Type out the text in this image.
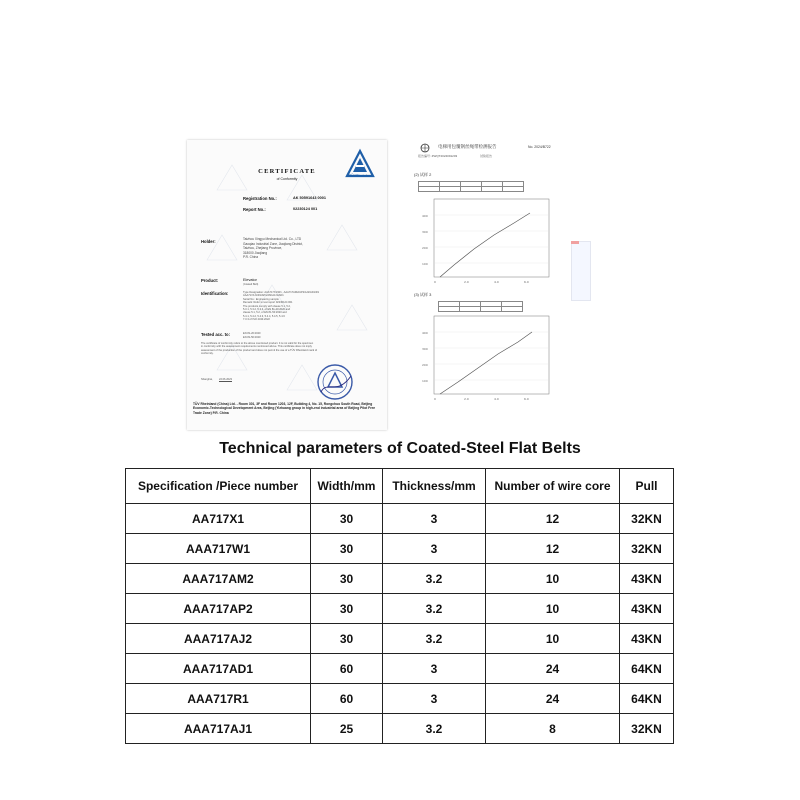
CERTIFICATE
of Conformity
TÜVRheinland
Registration No.:	AK 50591643 0001
Report No.:	02230124 001
Holder:	Taizhou Xingyu Mechanical Ltd. Co., LTD
Gaoqiao Industrial Zone, Jiaojiang District,
Taizhou, Zhejiang Province,
318000 Jiaojiang
P.R. China
Product:	Elevator
(Coated Belt)
Identification:	Type Designation: AAA717X1/W1 , AAA717AM2/AP2/AJ2/AD1/R1
AAA717AJ1/R1/AP1/AM1/AJ1/AD1
Serial No.: Engineering sample
Remark: Refer to test report 02230124 001
The products comply with clause 5.1, 5.2,
5.3.1, 5.3.2, 5.3.3, of EN 81-20:2020 and
clause 5.1, 5.2, of EN 81-50:2020 and
5.4.1, 5.4.2, 5.4.3, 5.4.4, 5.4.5, 5.4.6
7.3.3 of ISO 4344:2022
Tested acc. to:	EN 81-20:2020
EN 81-50:2020
The certificate of conformity refers to the above mentioned product. It is not valid for the specimen
in conformity with the assessment requirements mentioned above. This certificate does not imply
assessment of the production of the product and does not permit the use of a TÜV Rheinland mark of
conformity.
Shanghai, 22.06.2023
TÜV Rheinland (China) Ltd. - Room 301, 3F and Room 1203, 12F, Building 4, No. 15, Rongchuo South Road, Beijing Economic-Technological Development Area, Beijing (Yizhuang group in high-end industrial area of Beijing Pilot Free Trade Zone) P.R. China
电梯用包覆钢丝绳带检测报告	No. 2024/B722
报告编号: ZWQT2024091203	试验报告
(2) 试样 2

400
300
200
100
0	2.0	4.0	6.0
(3) 试样 3

400
300
200
100
0	2.0	4.0	6.0
Technical parameters of Coated-Steel Flat Belts
Specification /Piece number	Width/mm	Thickness/mm	Number of wire core	Pull
AA717X1	30	3	12	32KN
AAA717W1	30	3	12	32KN
AAA717AM2	30	3.2	10	43KN
AAA717AP2	30	3.2	10	43KN
AAA717AJ2	30	3.2	10	43KN
AAA717AD1	60	3	24	64KN
AAA717R1	60	3	24	64KN
AAA717AJ1	25	3.2	8	32KN
